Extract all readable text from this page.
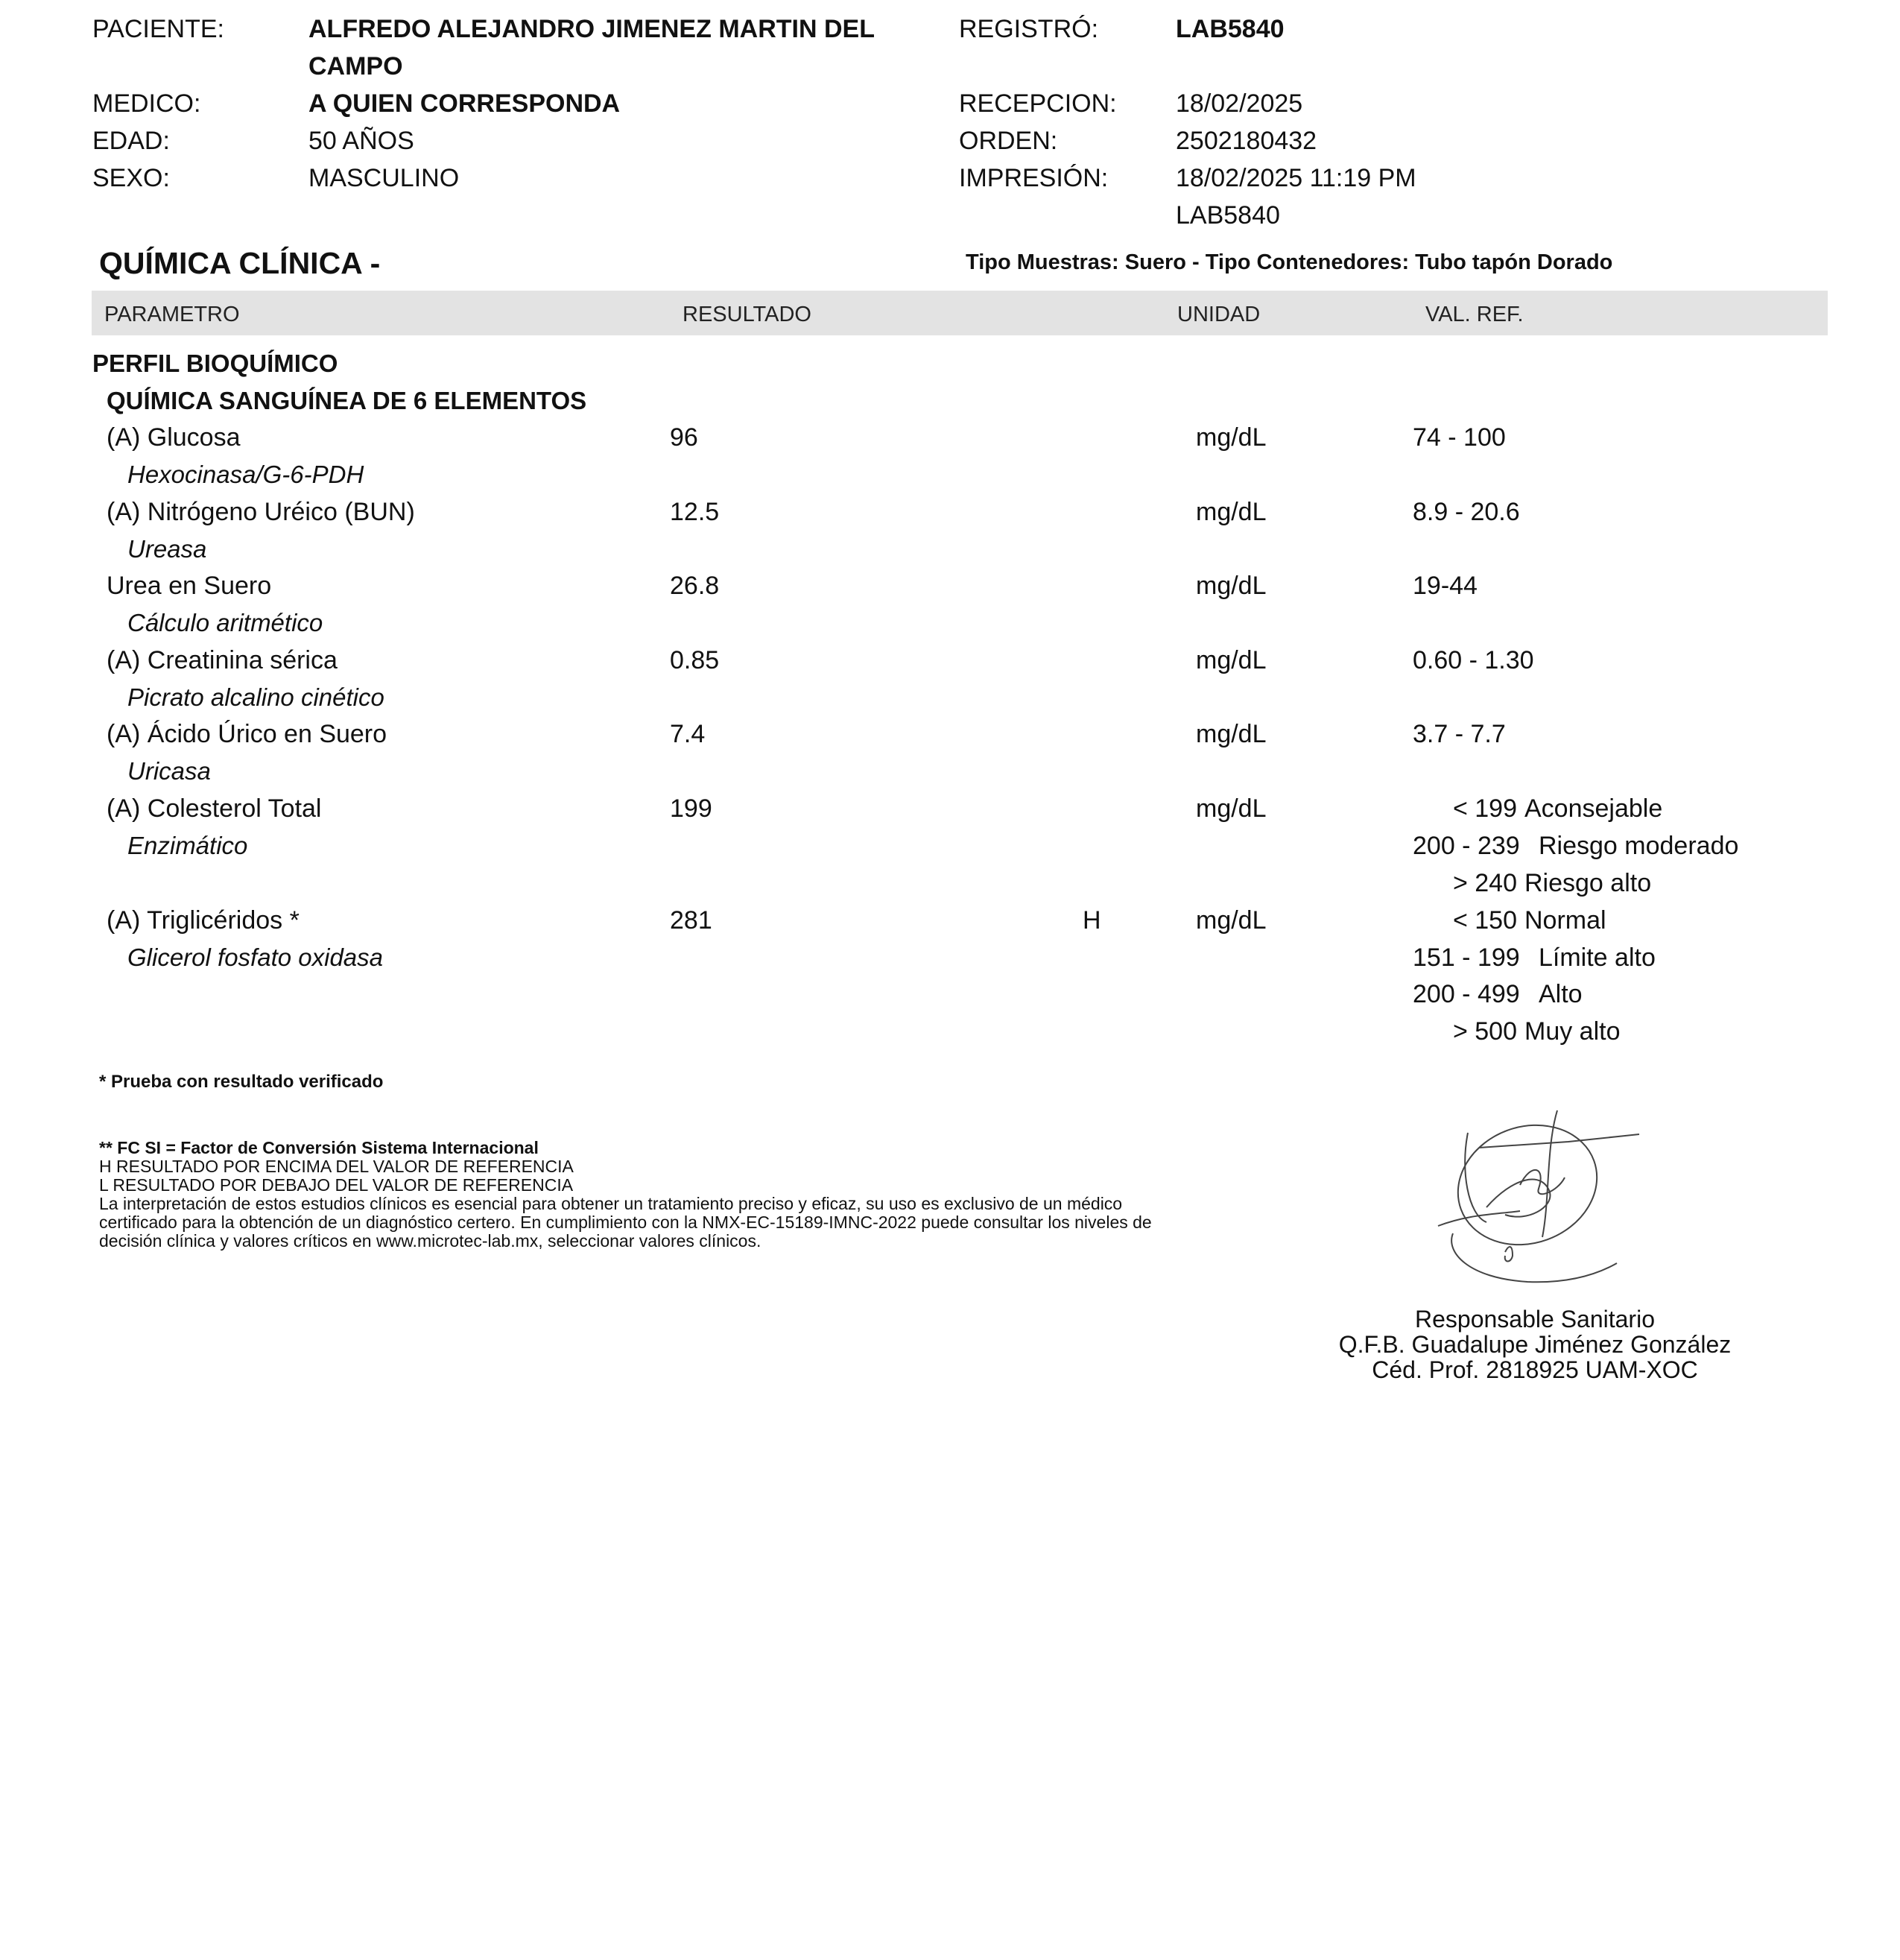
PACIENTE:	ALFREDO ALEJANDRO JIMENEZ MARTIN DEL
CAMPO
MEDICO:	A QUIEN CORRESPONDA
EDAD:	50 AÑOS
SEXO:	MASCULINO
REGISTRÓ:	LAB5840
RECEPCION: 18/02/2025
ORDEN:	2502180432
IMPRESIÓN:	18/02/2025 11:19 PM
LAB5840
QUÍMICA CLÍNICA -	Tipo Muestras: Suero - Tipo Contenedores: Tubo tapón Dorado
PARAMETRO	RESULTADO	UNIDAD	VAL. REF.
PERFIL BIOQUÍMICO
QUÍMICA SANGUÍNEA DE 6 ELEMENTOS
(A) Glucosa	96	mg/dL	74 - 100
Hexocinasa/G-6-PDH
(A) Nitrógeno Uréico (BUN)	12.5	mg/dL	8.9 - 20.6
Ureasa
Urea en Suero	26.8	mg/dL	19-44
Cálculo aritmético
(A) Creatinina sérica	0.85	mg/dL	0.60 - 1.30
Picrato alcalino cinético
(A) Ácido Úrico en Suero	7.4	mg/dL	3.7 - 7.7
Uricasa
(A) Colesterol Total	199	mg/dL
Enzimático
< 199 Aconsejable
200 - 239 Riesgo moderado
> 240 Riesgo alto
(A) Triglicéridos *	281	H	mg/dL
Glicerol fosfato oxidasa
< 150 Normal
151 - 199 Límite alto
200 - 499 Alto
> 500 Muy alto
* Prueba con resultado verificado
** FC SI = Factor de Conversión Sistema Internacional
H RESULTADO POR ENCIMA DEL VALOR DE REFERENCIA
L RESULTADO POR DEBAJO DEL VALOR DE REFERENCIA
La interpretación de estos estudios clínicos es esencial para obtener un tratamiento preciso y eficaz, su uso es exclusivo de un médico
certificado para la obtención de un diagnóstico certero. En cumplimiento con la NMX-EC-15189-IMNC-2022 puede consultar los niveles de
decisión clínica y valores críticos en www.microtec-lab.mx, seleccionar valores clínicos.
Responsable Sanitario
Q.F.B. Guadalupe Jiménez González
Céd. Prof. 2818925 UAM-XOC
